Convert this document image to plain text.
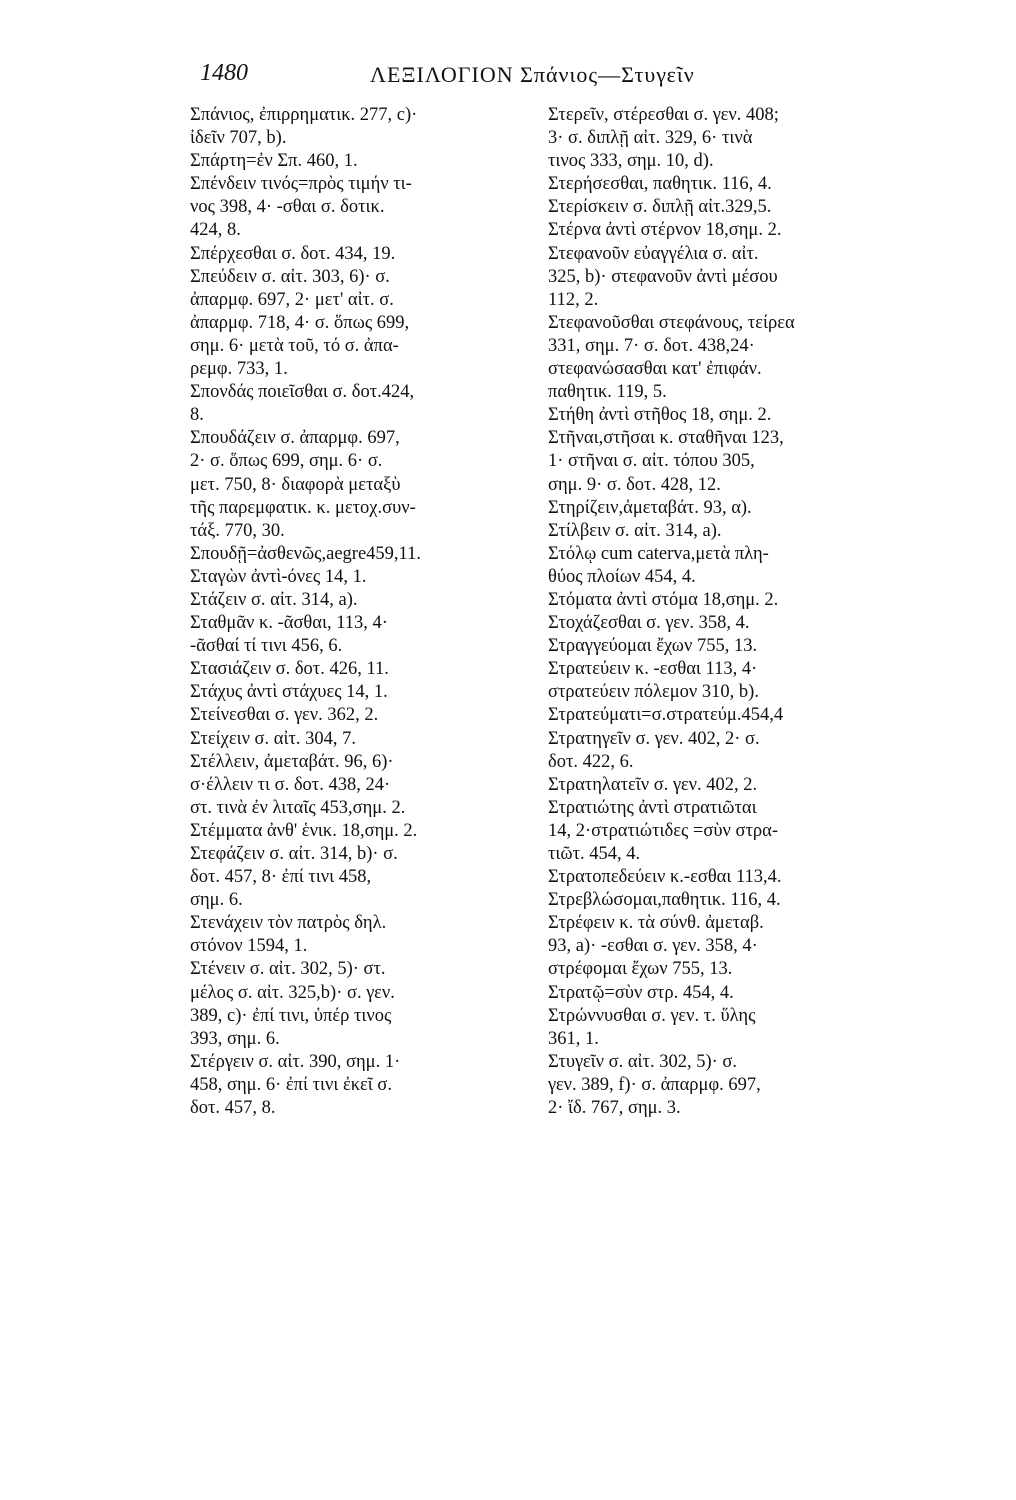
1480	ΛΕΞΙΛΟΓΙΟΝ Σπάνιος—Στυγεῖν
Σπάνιος, ἐπιρρηματικ. 277, c)·
ἰδεῖν 707, b).
Σπάρτη=ἐν Σπ. 460, 1.
Σπένδειν τινός=πρὸς τιμήν τι-
νος 398, 4· -σθαι σ. δοτικ.
424, 8.
Σπέρχεσθαι σ. δοτ. 434, 19.
Σπεύδειν σ. αἰτ. 303, 6)· σ.
ἀπαρμφ. 697, 2· μετ' αἰτ. σ.
ἀπαρμφ. 718, 4· σ. ὅπως 699,
σημ. 6· μετὰ τοῦ, τό σ. ἀπα-
ρεμφ. 733, 1.
Σπονδάς ποιεῖσθαι σ. δοτ.424,
8.
Σπουδάζειν σ. ἀπαρμφ. 697,
2· σ. ὅπως 699, σημ. 6· σ.
μετ. 750, 8· διαφορὰ μεταξὺ
τῆς παρεμφατικ. κ. μετοχ.συν-
τάξ. 770, 30.
Σπουδῇ=ἀσθενῶς,aegre459,11.
Σταγὼν ἀντὶ-όνες 14, 1.
Στάζειν σ. αἰτ. 314, a).
Σταθμᾶν κ. -ᾶσθαι, 113, 4·
-ᾶσθαί τί τινι 456, 6.
Στασιάζειν σ. δοτ. 426, 11.
Στάχυς ἀντὶ στάχυες 14, 1.
Στείνεσθαι σ. γεν. 362, 2.
Στείχειν σ. αἰτ. 304, 7.
Στέλλειν, ἀμεταβάτ. 96, 6)·
σ·έλλειν τι σ. δοτ. 438, 24·
στ. τινὰ ἐν λιταῖς 453,σημ. 2.
Στέμματα ἀνθ' ἑνικ. 18,σημ. 2.
Στεφάζειν σ. αἰτ. 314, b)· σ.
δοτ. 457, 8· ἐπί τινι 458,
σημ. 6.
Στενάχειν τὸν πατρὸς δηλ.
στόνον 1594, 1.
Στένειν σ. αἰτ. 302, 5)· στ.
μέλος σ. αἰτ. 325,b)· σ. γεν.
389, c)· ἐπί τινι, ὑπέρ τινος
393, σημ. 6.
Στέργειν σ. αἰτ. 390, σημ. 1·
458, σημ. 6· ἐπί τινι ἐκεῖ σ.
δοτ. 457, 8.
Στερεῖν, στέρεσθαι σ. γεν. 408;
3· σ. διπλῇ αἰτ. 329, 6· τινὰ
τινος 333, σημ. 10, d).
Στερήσεσθαι, παθητικ. 116, 4.
Στερίσκειν σ. διπλῇ αἰτ.329,5.
Στέρνα ἀντὶ στέρνον 18,σημ. 2.
Στεφανοῦν εὐαγγέλια σ. αἰτ.
325, b)· στεφανοῦν ἀντὶ μέσου
112, 2.
Στεφανοῦσθαι στεφάνους, τείρεα
331, σημ. 7· σ. δοτ. 438,24·
στεφανώσασθαι κατ' ἐπιφάν.
παθητικ. 119, 5.
Στήθη ἀντὶ στῆθος 18, σημ. 2.
Στῆναι,στῆσαι κ. σταθῆναι 123,
1· στῆναι σ. αἰτ. τόπου 305,
σημ. 9· σ. δοτ. 428, 12.
Στηρίζειν,ἀμεταβάτ. 93, α).
Στίλβειν σ. αἰτ. 314, a).
Στόλῳ cum caterva,μετὰ πλη-
θύος πλοίων 454, 4.
Στόματα ἀντὶ στόμα 18,σημ. 2.
Στοχάζεσθαι σ. γεν. 358, 4.
Στραγγεύομαι ἔχων 755, 13.
Στρατεύειν κ. -εσθαι 113, 4·
στρατεύειν πόλεμον 310, b).
Στρατεύματι=σ.στρατεύμ.454,4
Στρατηγεῖν σ. γεν. 402, 2· σ.
δοτ. 422, 6.
Στρατηλατεῖν σ. γεν. 402, 2.
Στρατιώτης ἀντὶ στρατιῶται
14, 2·στρατιώτιδες =σὺν στρα-
τιῶτ. 454, 4.
Στρατοπεδεύειν κ.-εσθαι 113,4.
Στρεβλώσομαι,παθητικ. 116, 4.
Στρέφειν κ. τὰ σύνθ. ἀμεταβ.
93, a)· -εσθαι σ. γεν. 358, 4·
στρέφομαι ἔχων 755, 13.
Στρατῷ=σὺν στρ. 454, 4.
Στρώννυσθαι σ. γεν. τ. ὕλης
361, 1.
Στυγεῖν σ. αἰτ. 302, 5)· σ.
γεν. 389, f)· σ. ἀπαρμφ. 697,
2· ἴδ. 767, σημ. 3.
